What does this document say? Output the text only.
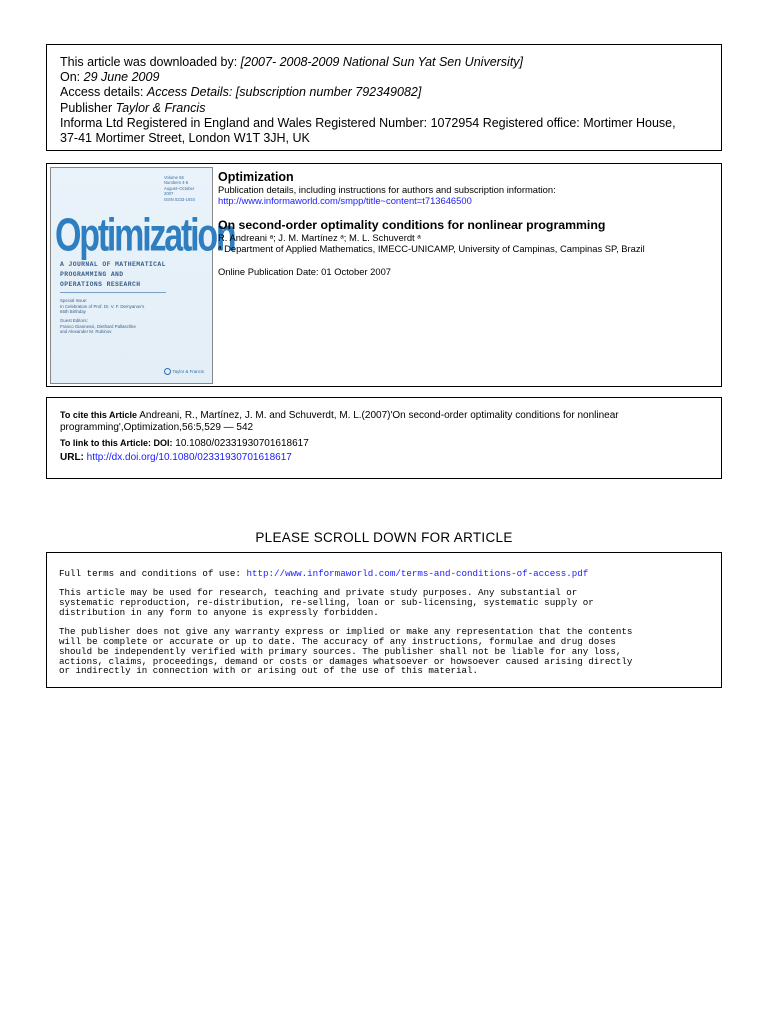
This article was downloaded by: [2007- 2008-2009 National Sun Yat Sen University]
On: 29 June 2009
Access details: Access Details: [subscription number 792349082]
Publisher Taylor & Francis
Informa Ltd Registered in England and Wales Registered Number: 1072954 Registered office: Mortimer House,
37-41 Mortimer Street, London W1T 3JH, UK
Volume 56
Numbers 4-5
August–October 2007
ISSN 0233-1934
Optimization
A JOURNAL OF MATHEMATICAL
PROGRAMMING AND
OPERATIONS RESEARCH
Special Issue:
In Celebration of Prof. Dr. V. F. Demyanov's
65th Birthday
Guest Editors:
Franco Giannessi, Diethard Pallaschke
and Alexander M. Rubinov
Taylor & Francis
Optimization
Publication details, including instructions for authors and subscription information:
http://www.informaworld.com/smpp/title~content=t713646500
On second-order optimality conditions for nonlinear programming
R. Andreani ᵃ; J. M. Martínez ᵃ; M. L. Schuverdt ᵃ
ᵃ Department of Applied Mathematics, IMECC-UNICAMP, University of Campinas, Campinas SP, Brazil
Online Publication Date: 01 October 2007
To cite this Article Andreani, R., Martínez, J. M. and Schuverdt, M. L.(2007)'On second-order optimality conditions for nonlinear
programming',Optimization,56:5,529 — 542
To link to this Article: DOI: 10.1080/02331930701618617
URL: http://dx.doi.org/10.1080/02331930701618617
PLEASE SCROLL DOWN FOR ARTICLE

Full terms and conditions of use: http://www.informaworld.com/terms-and-conditions-of-access.pdf

This article may be used for research, teaching and private study purposes. Any substantial or
systematic reproduction, re-distribution, re-selling, loan or sub-licensing, systematic supply or
distribution in any form to anyone is expressly forbidden.

The publisher does not give any warranty express or implied or make any representation that the contents
will be complete or accurate or up to date. The accuracy of any instructions, formulae and drug doses
should be independently verified with primary sources. The publisher shall not be liable for any loss,
actions, claims, proceedings, demand or costs or damages whatsoever or howsoever caused arising directly
or indirectly in connection with or arising out of the use of this material.
